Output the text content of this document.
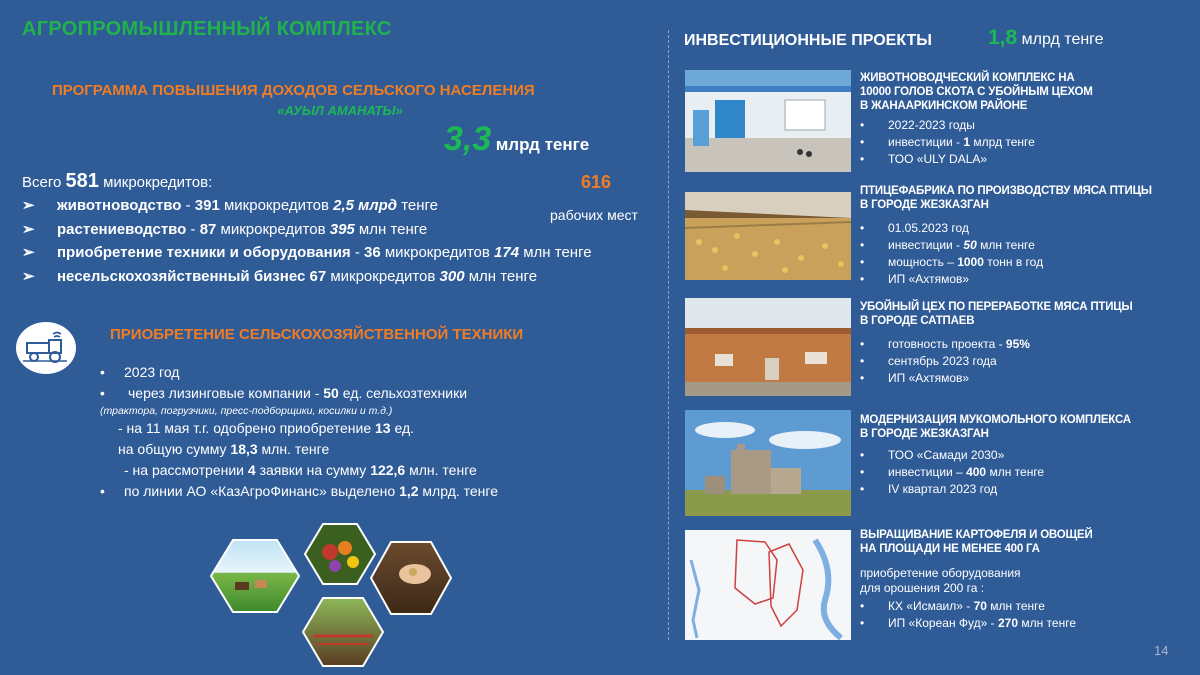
АГРОПРОМЫШЛЕННЫЙ КОМПЛЕКС
ПРОГРАММА ПОВЫШЕНИЯ ДОХОДОВ СЕЛЬСКОГО НАСЕЛЕНИЯ
«АУЫЛ АМАНАТЫ»
3,3 млрд тенге
616
рабочих мест
Всего 581 микрокредитов:
➢ животноводство - 391 микрокредитов 2,5 млрд тенге
➢ растениеводство - 87 микрокредитов 395 млн тенге
➢ приобретение техники и оборудования - 36 микрокредитов 174 млн тенге
➢ несельскохозяйственный бизнес 67 микрокредитов 300 млн тенге
ПРИОБРЕТЕНИЕ СЕЛЬСКОХОЗЯЙСТВЕННОЙ ТЕХНИКИ
• 2023 год
• через лизинговые компании - 50 ед. сельхозтехники
(трактора, погрузчики, пресс-подборщики, косилки и т.д.)
- на 11 мая т.г. одобрено приобретение 13 ед.
на общую сумму 18,3 млн. тенге
- на рассмотрении 4 заявки на сумму 122,6 млн. тенге
• по линии АО «КазАгроФинанс» выделено 1,2 млрд. тенге
ИНВЕСТИЦИОННЫЕ ПРОЕКТЫ	1,8 млрд тенге
ЖИВОТНОВОДЧЕСКИЙ КОМПЛЕКС НА
10000 ГОЛОВ СКОТА С УБОЙНЫМ ЦЕХОМ
В ЖАНААРКИНСКОМ РАЙОНЕ
• 2022-2023 годы
• инвестиции - 1 млрд тенге
• ТОО «ULY DALA»
ПТИЦЕФАБРИКА ПО ПРОИЗВОДСТВУ МЯСА ПТИЦЫ
В ГОРОДЕ ЖЕЗКАЗГАН
• 01.05.2023 год
• инвестиции - 50 млн тенге
• мощность – 1000 тонн в год
• ИП «Ахтямов»
УБОЙНЫЙ ЦЕХ ПО ПЕРЕРАБОТКЕ МЯСА ПТИЦЫ
В ГОРОДЕ САТПАЕВ
• готовность проекта - 95%
• сентябрь 2023 года
• ИП «Ахтямов»
МОДЕРНИЗАЦИЯ МУКОМОЛЬНОГО КОМПЛЕКСА
В ГОРОДЕ ЖЕЗКАЗГАН
• ТОО «Самади 2030»
• инвестиции – 400 млн тенге
• IV квартал 2023 год
ВЫРАЩИВАНИЕ КАРТОФЕЛЯ И ОВОЩЕЙ
НА ПЛОЩАДИ НЕ МЕНЕЕ 400 ГА
приобретение оборудования
для орошения 200 га :
• КХ «Исмаил» - 70 млн тенге
• ИП «Кореан Фуд» - 270 млн тенге
14
